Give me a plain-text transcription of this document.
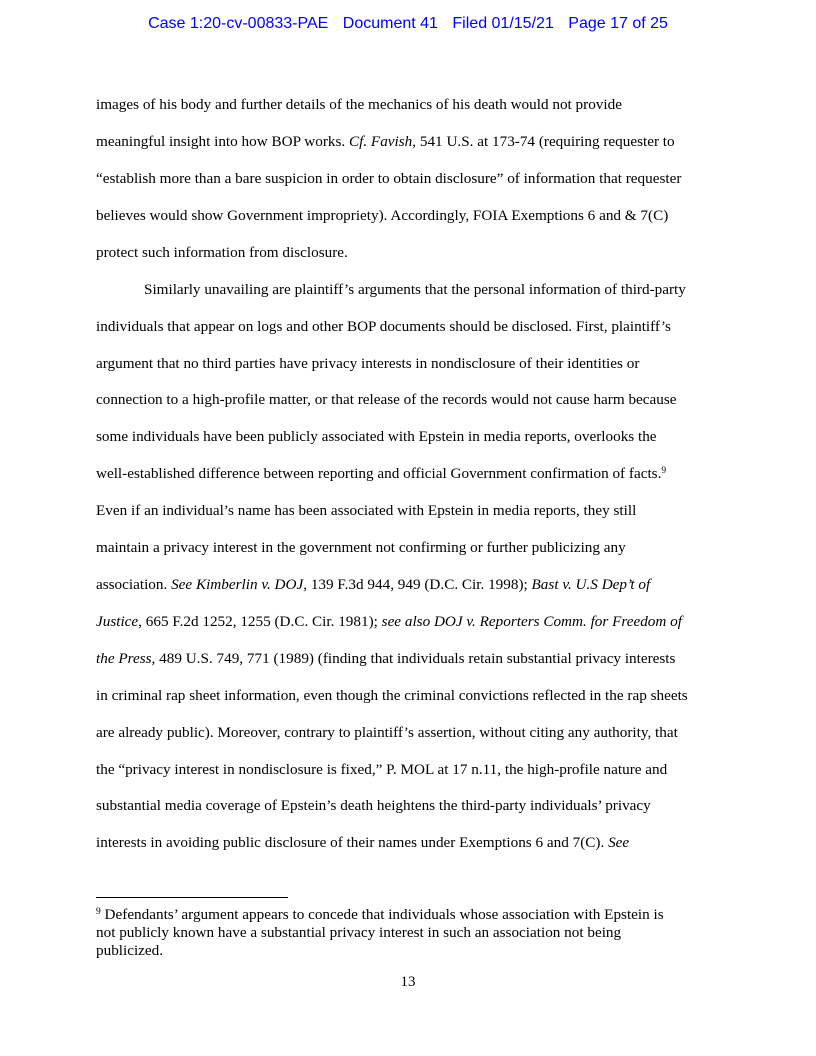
Case 1:20-cv-00833-PAE Document 41 Filed 01/15/21 Page 17 of 25
images of his body and further details of the mechanics of his death would not provide
meaningful insight into how BOP works. Cf. Favish, 541 U.S. at 173-74 (requiring requester to
“establish more than a bare suspicion in order to obtain disclosure” of information that requester
believes would show Government impropriety). Accordingly, FOIA Exemptions 6 and & 7(C)
protect such information from disclosure.
Similarly unavailing are plaintiff’s arguments that the personal information of third-party
individuals that appear on logs and other BOP documents should be disclosed. First, plaintiff’s
argument that no third parties have privacy interests in nondisclosure of their identities or
connection to a high-profile matter, or that release of the records would not cause harm because
some individuals have been publicly associated with Epstein in media reports, overlooks the
well-established difference between reporting and official Government confirmation of facts.$^9$
Even if an individual’s name has been associated with Epstein in media reports, they still
maintain a privacy interest in the government not confirming or further publicizing any
association. See Kimberlin v. DOJ, 139 F.3d 944, 949 (D.C. Cir. 1998); Bast v. U.S Dep’t of
Justice, 665 F.2d 1252, 1255 (D.C. Cir. 1981); see also DOJ v. Reporters Comm. for Freedom of
the Press, 489 U.S. 749, 771 (1989) (finding that individuals retain substantial privacy interests
in criminal rap sheet information, even though the criminal convictions reflected in the rap sheets
are already public). Moreover, contrary to plaintiff’s assertion, without citing any authority, that
the “privacy interest in nondisclosure is fixed,” P. MOL at 17 n.11, the high-profile nature and
substantial media coverage of Epstein’s death heightens the third-party individuals’ privacy
interests in avoiding public disclosure of their names under Exemptions 6 and 7(C). See
$^9$ Defendants’ argument appears to concede that individuals whose association with Epstein is
not publicly known have a substantial privacy interest in such an association not being
publicized.
13
